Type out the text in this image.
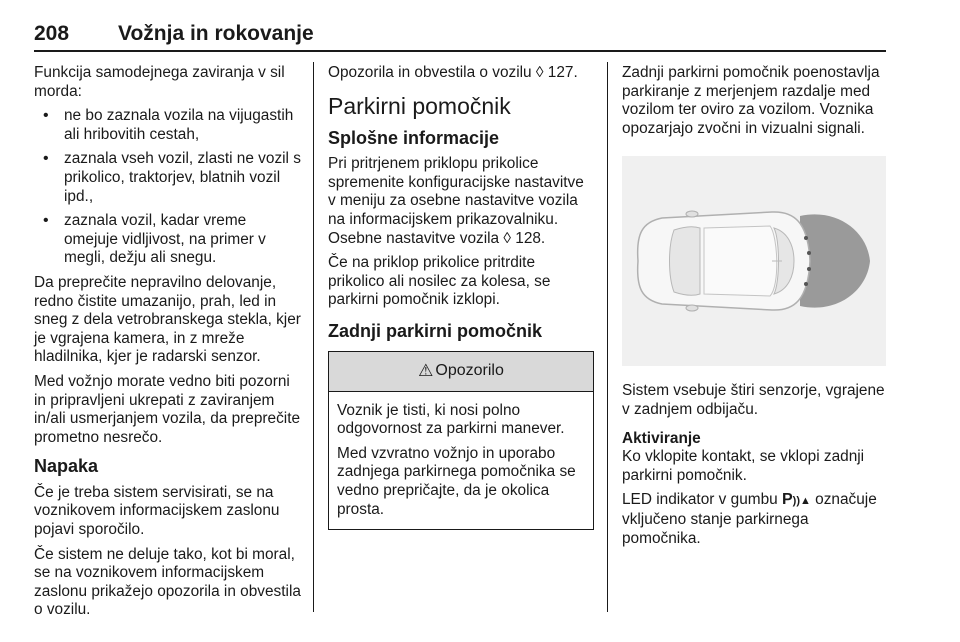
208 Vožnja in rokovanje

Funkcija samodejnega zaviranja v sil morda:

• ne bo zaznala vozila na vijugastih ali hribovitih cestah,
• zaznala vseh vozil, zlasti ne vozil s prikolico, traktorjev, blatnih vozil ipd.,
• zaznala vozil, kadar vreme omejuje vidljivost, na primer v megli, dežju ali snegu.

Da preprečite nepravilno delovanje, redno čistite umazanijo, prah, led in sneg z dela vetrobranskega stekla, kjer je vgrajena kamera, in z mreže hladilnika, kjer je radarski senzor.

Med vožnjo morate vedno biti pozorni in pripravljeni ukrepati z zaviranjem in/ali usmerjanjem vozila, da preprečite prometno nesrečo.

Napaka

Če je treba sistem servisirati, se na voznikovem informacijskem zaslonu pojavi sporočilo.

Če sistem ne deluje tako, kot bi moral, se na voznikovem informacijskem zaslonu prikažejo opozorila in obvestila o vozilu.

Opozorila in obvestila o vozilu ◊ 127.

Parkirni pomočnik
Splošne informacije

Pri pritrjenem priklopu prikolice spremenite konfiguracijske nastavitve v meniju za osebne nastavitve vozila na informacijskem prikazovalniku. Osebne nastavitve vozila ◊ 128.

Če na priklop prikolice pritrdite prikolico ali nosilec za kolesa, se parkirni pomočnik izklopi.

Zadnji parkirni pomočnik
⚠ Opozorilo

Voznik je tisti, ki nosi polno odgovornost za parkirni manever.

Med vzvratno vožnjo in uporabo zadnjega parkirnega pomočnika se vedno prepričajte, da je okolica prosta.

Zadnji parkirni pomočnik poenostavlja parkiranje z merjenjem razdalje med vozilom ter oviro za vozilom. Voznika opozarjajo zvočni in vizualni signali.

Sistem vsebuje štiri senzorje, vgrajene v zadnjem odbijaču.

Aktiviranje

Ko vklopite kontakt, se vklopi zadnji parkirni pomočnik.

LED indikator v gumbu P))▲ označuje vključeno stanje parkirnega pomočnika.
